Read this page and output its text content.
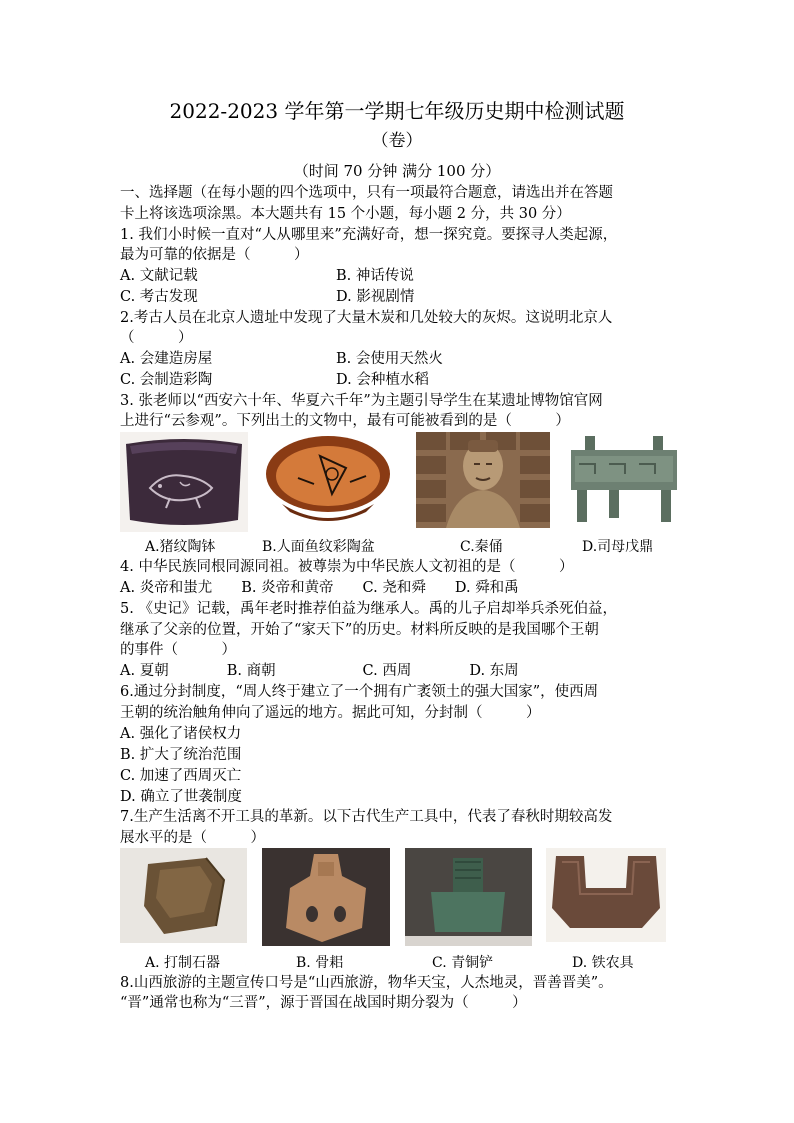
2022-2023 学年第一学期七年级历史期中检测试题
（卷）
（时间 70 分钟 满分 100 分）
一、选择题（在每小题的四个选项中，只有一项最符合题意，请选出并在答题
卡上将该选项涂黑。本大题共有 15 个小题，每小题 2 分，共 30 分）
1. 我们小时候一直对“人从哪里来”充满好奇，想一探究竟。要探寻人类起源，
最为可靠的依据是（　　　）
A. 文献记载	B. 神话传说
C. 考古发现	D. 影视剧情
2.考古人员在北京人遗址中发现了大量木炭和几处较大的灰烬。这说明北京人
（　　　）
A. 会建造房屋	B. 会使用天然火
C. 会制造彩陶	D. 会种植水稻
3. 张老师以“西安六十年、华夏六千年”为主题引导学生在某遗址博物馆官网
上进行“云参观”。下列出土的文物中，最有可能被看到的是（　　　）
A.猪纹陶钵	B.人面鱼纹彩陶盆	C.秦俑	D.司母戊鼎
4. 中华民族同根同源同祖。被尊崇为中华民族人文初祖的是（　　　）
A. 炎帝和蚩尤　　B. 炎帝和黄帝　　C. 尧和舜　　D. 舜和禹
5. 《史记》记载，禹年老时推荐伯益为继承人。禹的儿子启却举兵杀死伯益，
继承了父亲的位置，开始了“家天下”的历史。材料所反映的是我国哪个王朝
的事件（　　　）
A. 夏朝　　　　B. 商朝　　　　　　C. 西周　　　　D. 东周
6.通过分封制度，“周人终于建立了一个拥有广袤领土的强大国家”，使西周
王朝的统治触角伸向了遥远的地方。据此可知，分封制（　　　）
A. 强化了诸侯权力
B. 扩大了统治范围
C. 加速了西周灭亡
D. 确立了世袭制度
7.生产生活离不开工具的革新。以下古代生产工具中，代表了春秋时期较高发
展水平的是（　　　）
A. 打制石器	B. 骨耜	C. 青铜铲	D. 铁农具
8.山西旅游的主题宣传口号是“山西旅游，物华天宝，人杰地灵，晋善晋美”。
“晋”通常也称为“三晋”，源于晋国在战国时期分裂为（　　　）
